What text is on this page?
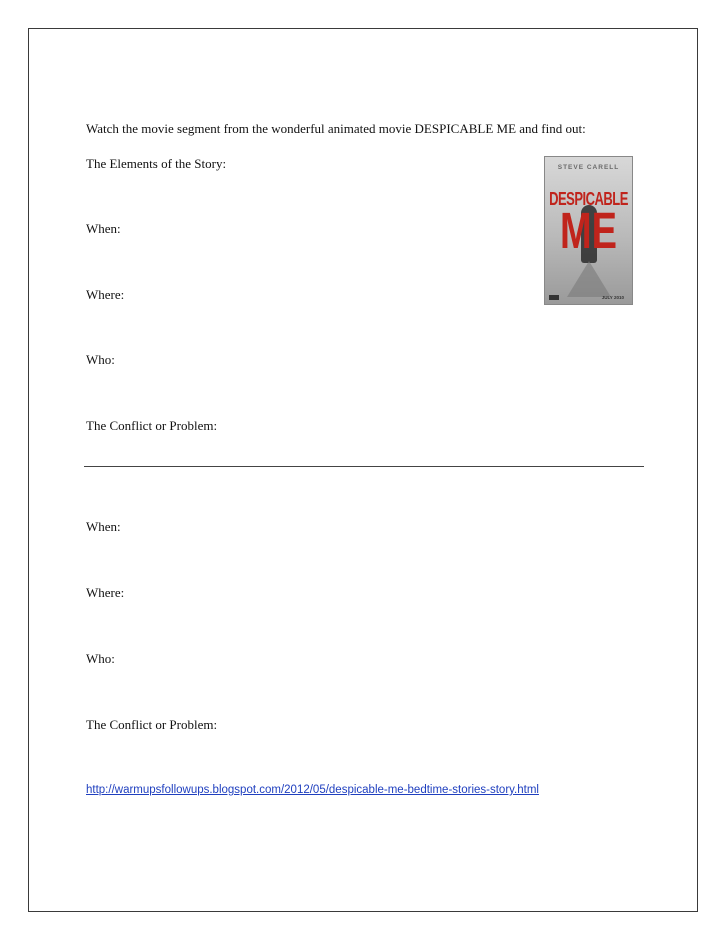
Watch the movie segment from the wonderful animated movie DESPICABLE ME and find out:
The Elements of the Story:
When:
Where:
Who:
The Conflict or Problem:
When:
Where:
Who:
The Conflict or Problem:
http://warmupsfollowups.blogspot.com/2012/05/despicable-me-bedtime-stories-story.html
STEVE CARELL
DESPICABLE
ME
JULY 2010
